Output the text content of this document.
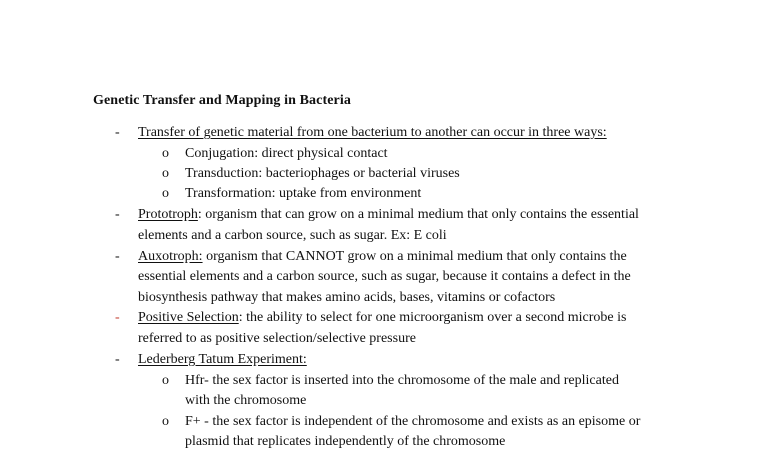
Genetic Transfer and Mapping in Bacteria
- Transfer of genetic material from one bacterium to another can occur in three ways:
o Conjugation: direct physical contact
o Transduction: bacteriophages or bacterial viruses
o Transformation: uptake from environment
- Prototroph: organism that can grow on a minimal medium that only contains the essential
elements and a carbon source, such as sugar. Ex: E coli
- Auxotroph: organism that CANNOT grow on a minimal medium that only contains the
essential elements and a carbon source, such as sugar, because it contains a defect in the
biosynthesis pathway that makes amino acids, bases, vitamins or cofactors
- Positive Selection: the ability to select for one microorganism over a second microbe is
referred to as positive selection/selective pressure
- Lederberg Tatum Experiment:
o Hfr- the sex factor is inserted into the chromosome of the male and replicated
with the chromosome
o F+ - the sex factor is independent of the chromosome and exists as an episome or
plasmid that replicates independently of the chromosome
